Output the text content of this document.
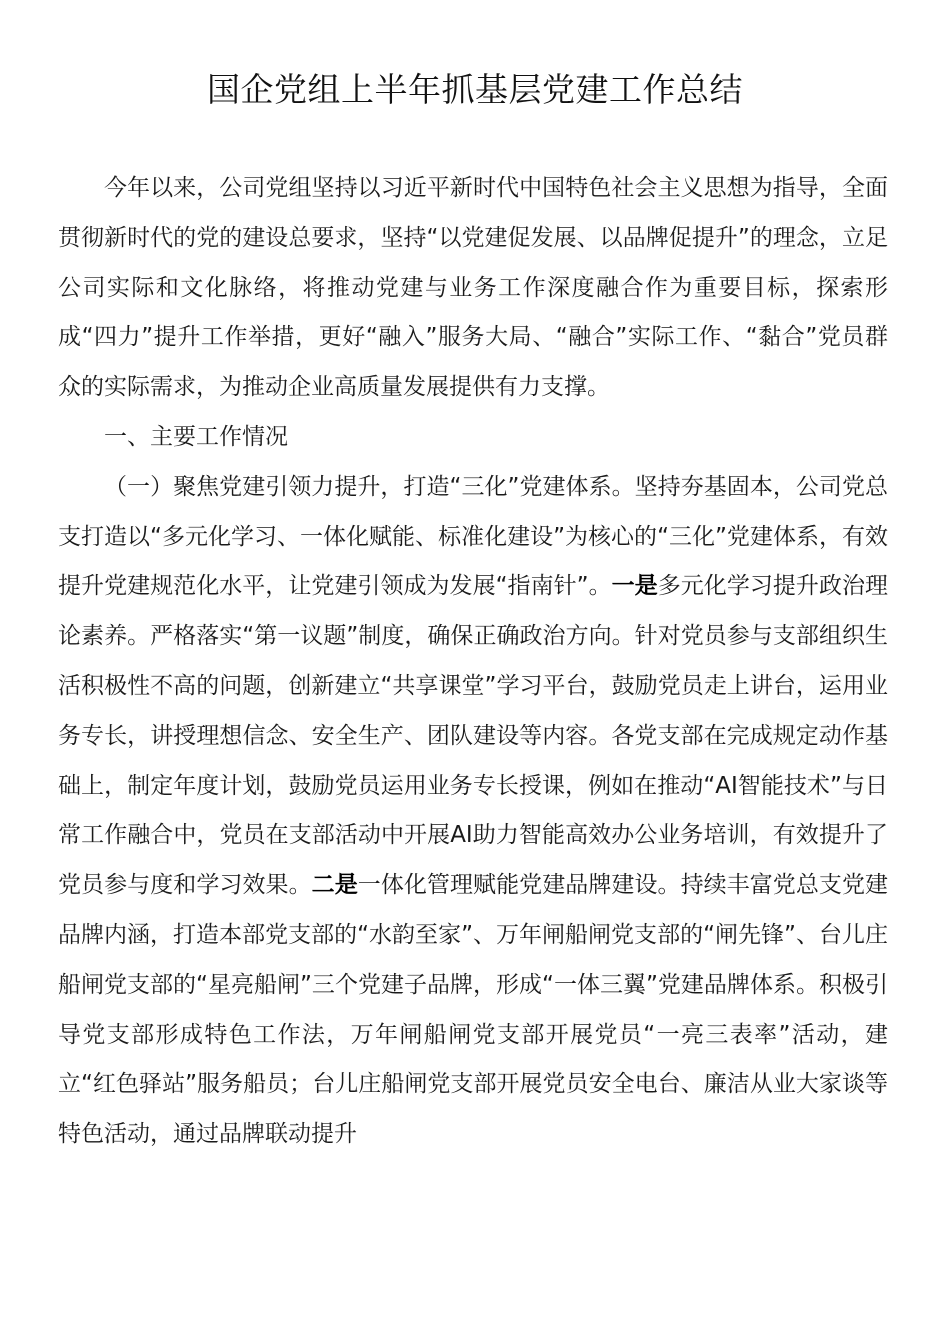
国企党组上半年抓基层党建工作总结

今年以来，公司党组坚持以习近平新时代中国特色社会主义思想为指导，全面贯彻新时代的党的建设总要求，坚持“以党建促发展、以品牌促提升”的理念，立足公司实际和文化脉络，将推动党建与业务工作深度融合作为重要目标，探索形成“四力”提升工作举措，更好“融入”服务大局、“融合”实际工作、“黏合”党员群众的实际需求，为推动企业高质量发展提供有力支撑。

一、主要工作情况

（一）聚焦党建引领力提升，打造“三化”党建体系。坚持夯基固本，公司党总支打造以“多元化学习、一体化赋能、标准化建设”为核心的“三化”党建体系，有效提升党建规范化水平，让党建引领成为发展“指南针”。一是多元化学习提升政治理论素养。严格落实“第一议题”制度，确保正确政治方向。针对党员参与支部组织生活积极性不高的问题，创新建立“共享课堂”学习平台，鼓励党员走上讲台，运用业务专长，讲授理想信念、安全生产、团队建设等内容。各党支部在完成规定动作基础上，制定年度计划，鼓励党员运用业务专长授课，例如在推动“AI智能技术”与日常工作融合中，党员在支部活动中开展AI助力智能高效办公业务培训，有效提升了党员参与度和学习效果。二是一体化管理赋能党建品牌建设。持续丰富党总支党建品牌内涵，打造本部党支部的“水韵至家”、万年闸船闸党支部的“闸先锋”、台儿庄船闸党支部的“星亮船闸”三个党建子品牌，形成“一体三翼”党建品牌体系。积极引导党支部形成特色工作法，万年闸船闸党支部开展党员“一亮三表率”活动，建立“红色驿站”服务船员；台儿庄船闸党支部开展党员安全电台、廉洁从业大家谈等特色活动，通过品牌联动提升
